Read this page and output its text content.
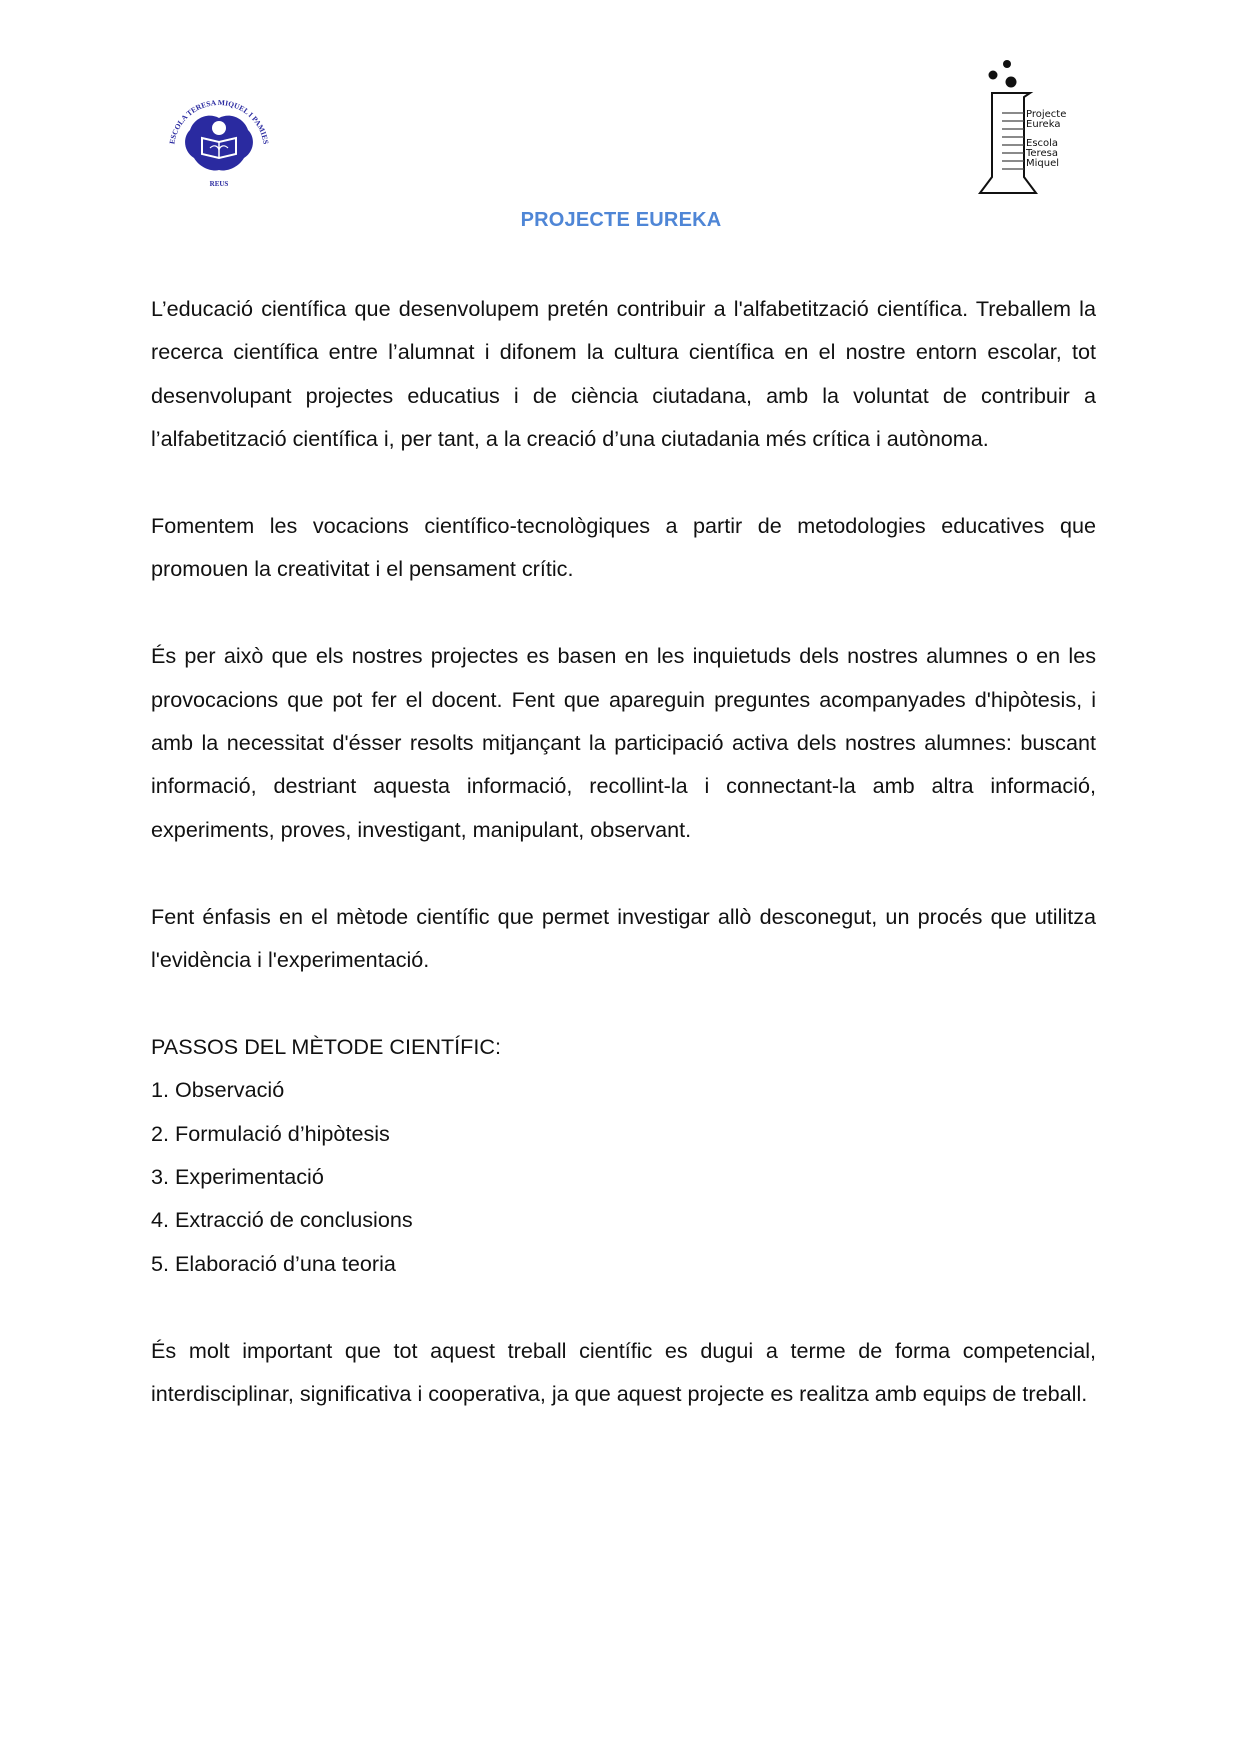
ESCOLA TERESA MIQUEL I PAMIES
REUS
Projecte
Eureka
Escola
Teresa
Miquel
PROJECTE EUREKA

L’educació científica que desenvolupem pretén contribuir a l'alfabetització científica. Treballem la recerca científica entre l’alumnat i difonem la cultura científica en el nostre entorn escolar, tot desenvolupant projectes educatius i de ciència ciutadana, amb la voluntat de contribuir a l’alfabetització científica i, per tant, a la creació d’una ciutadania més crítica i autònoma.

Fomentem les vocacions científico-tecnològiques a partir de metodologies educatives que promouen la creativitat i el pensament crític.

És per això que els nostres projectes es basen en les inquietuds dels nostres alumnes o en les provocacions que pot fer el docent. Fent que apareguin preguntes acompanyades d'hipòtesis, i amb la necessitat d'ésser resolts mitjançant la participació activa dels nostres alumnes: buscant informació, destriant aquesta informació, recollint-la i connectant-la amb altra informació, experiments, proves, investigant, manipulant, observant.

Fent énfasis en el mètode científic que permet investigar allò desconegut, un procés que utilitza l'evidència i l'experimentació.

PASSOS DEL MÈTODE CIENTÍFIC:

1. Observació
2. Formulació d’hipòtesis
3. Experimentació
4. Extracció de conclusions
5. Elaboració d’una teoria

És molt important que tot aquest treball científic es dugui a terme de forma competencial, interdisciplinar, significativa i cooperativa, ja que aquest projecte es realitza amb equips de treball.
